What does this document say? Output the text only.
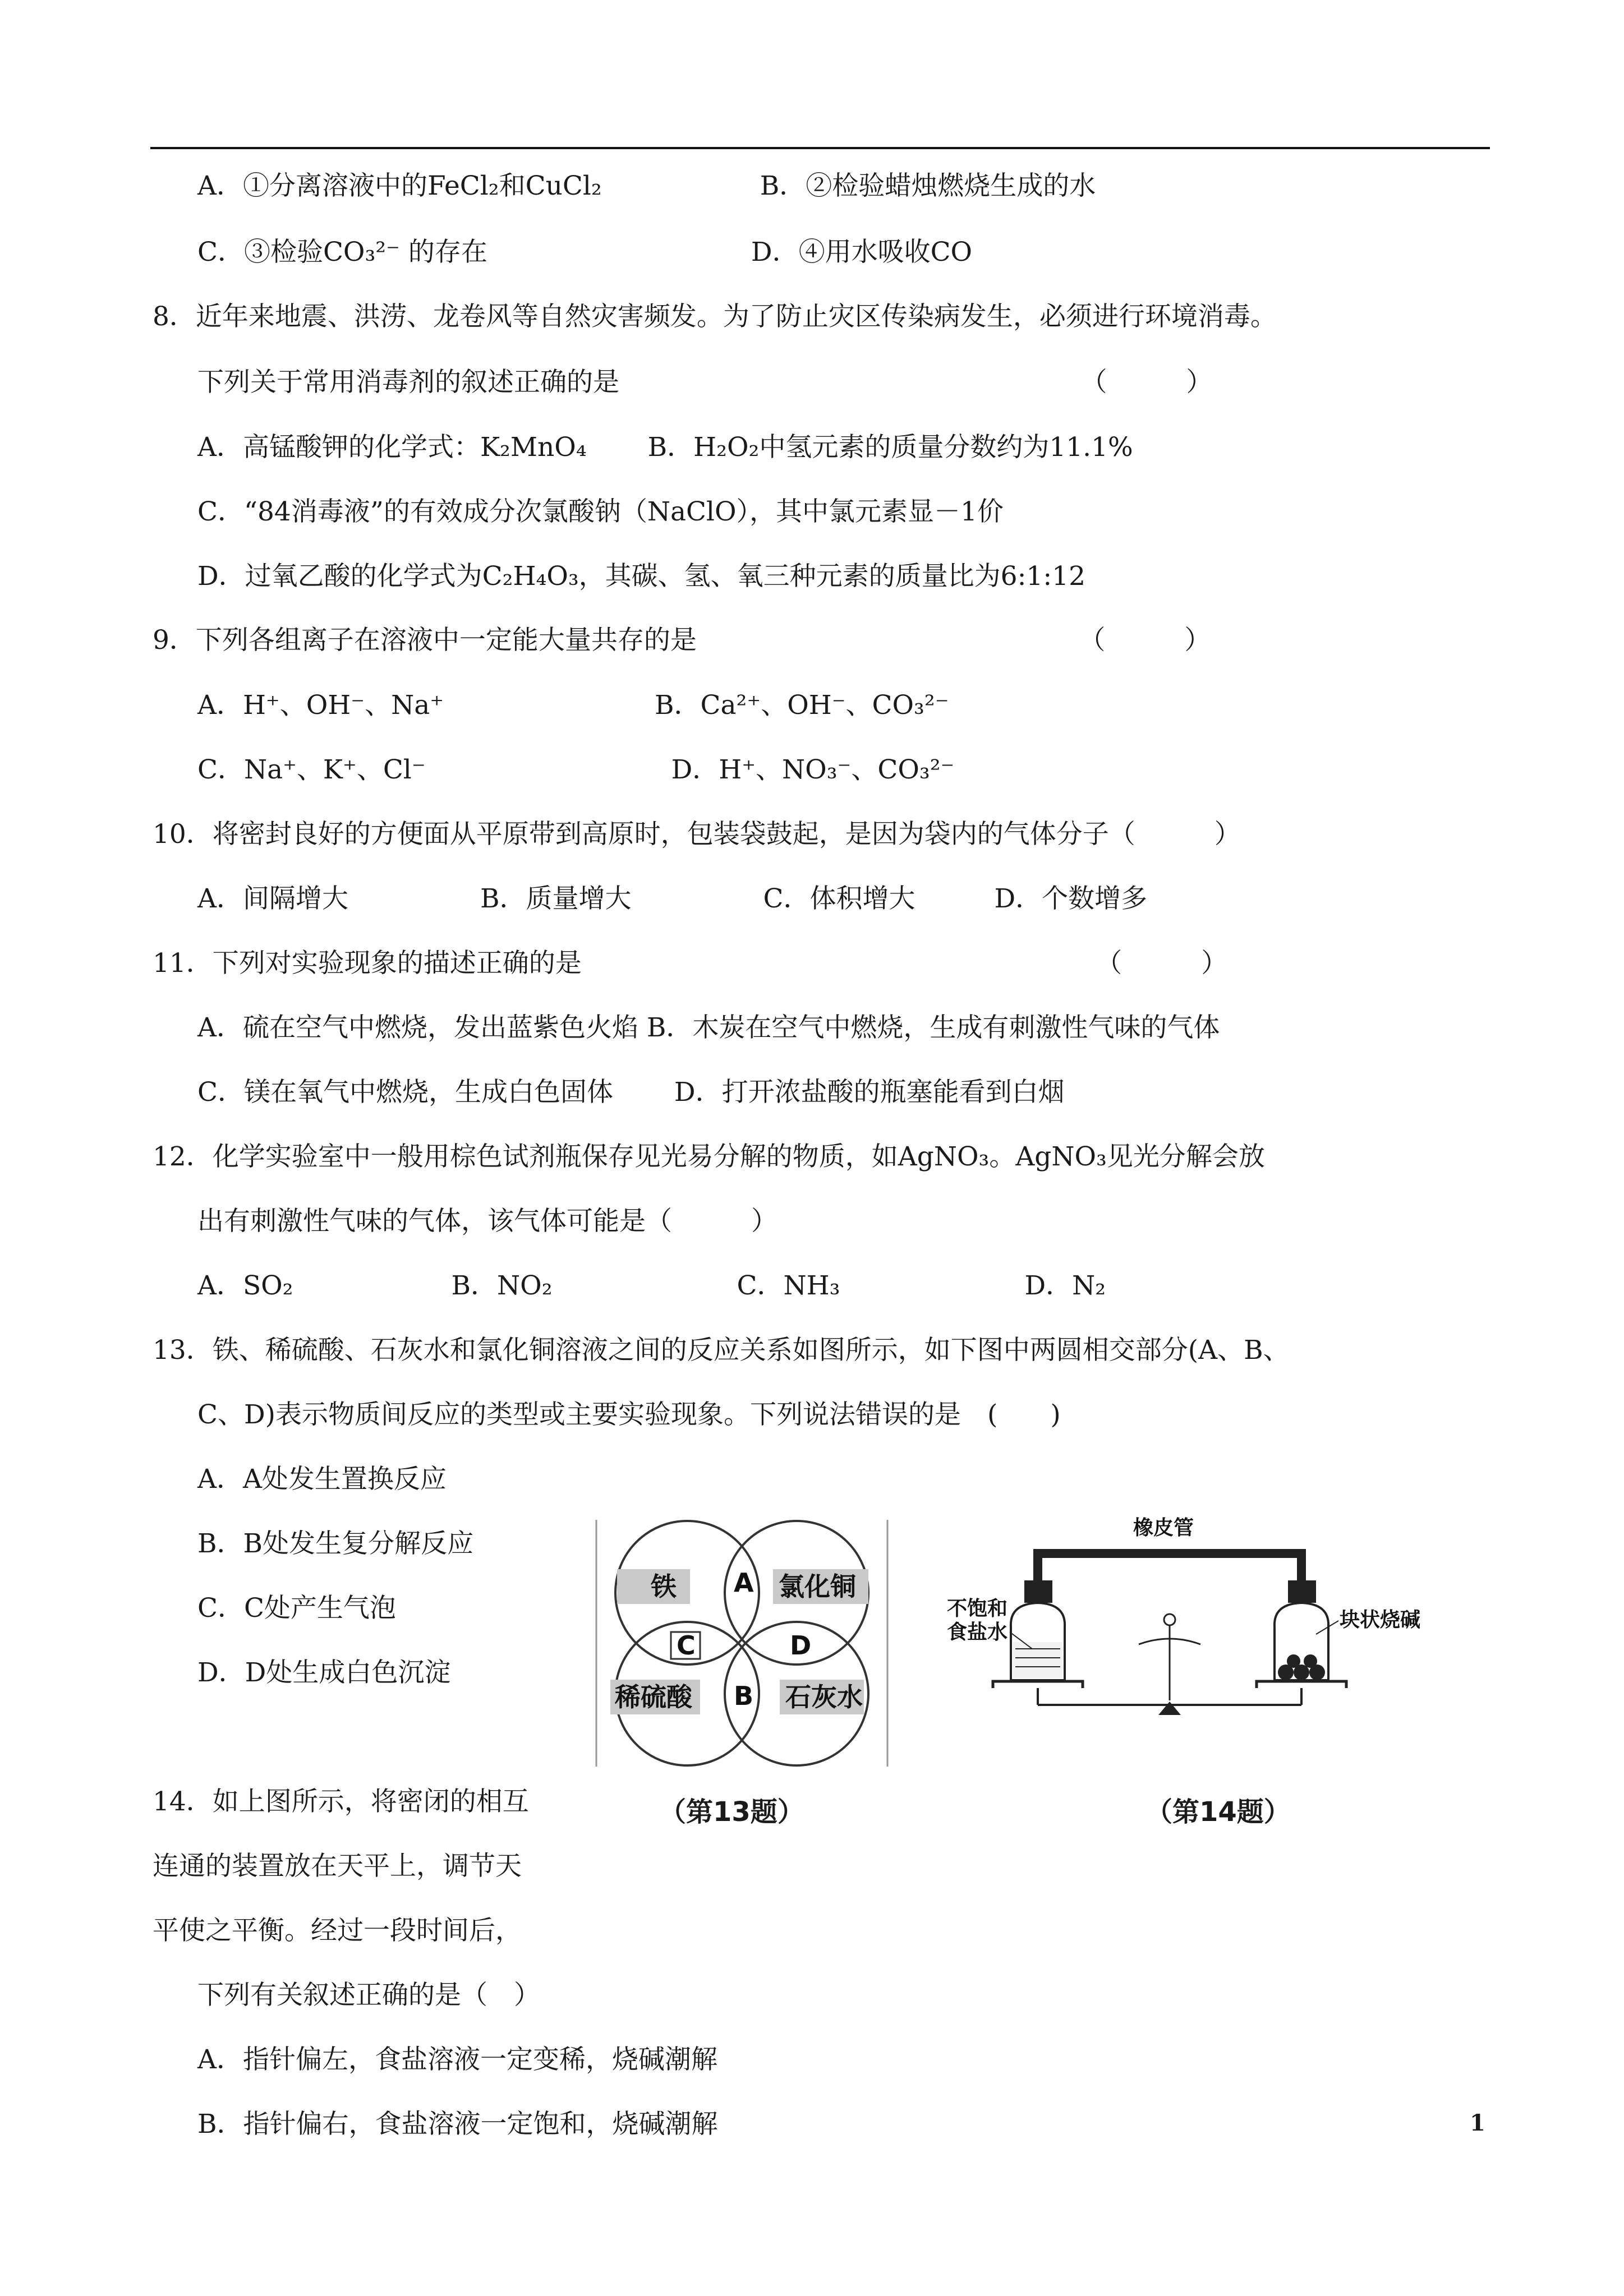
A．①分离溶液中的FeCl₂和CuCl₂　　　　　　B．②检验蜡烛燃烧生成的水
C．③检验CO₃²⁻ 的存在　　　　　　　　　　D．④用水吸收CO
8．近年来地震、洪涝、龙卷风等自然灾害频发。为了防止灾区传染病发生，必须进行环境消毒。
下列关于常用消毒剂的叙述正确的是　　　　　　　　　　　　　　　　　　（　　　）
A．高锰酸钾的化学式：K₂MnO₄　　 B．H₂O₂中氢元素的质量分数约为11.1%
C．“84消毒液”的有效成分次氯酸钠（NaClO），其中氯元素显－1价
D．过氧乙酸的化学式为C₂H₄O₃，其碳、氢、氧三种元素的质量比为6:1:12
9．下列各组离子在溶液中一定能大量共存的是　　　　　　　　　　　　　　　（　　　）
A．H⁺、OH⁻、Na⁺　　　　　　　　B．Ca²⁺、OH⁻、CO₃²⁻
C．Na⁺、K⁺、Cl⁻　　　　　　　　　 D．H⁺、NO₃⁻、CO₃²⁻
10．将密封良好的方便面从平原带到高原时，包装袋鼓起，是因为袋内的气体分子（　　　）
A．间隔增大　　　　　B．质量增大　　　　　C．体积增大　　　D．个数增多
11．下列对实验现象的描述正确的是　　　　　　　　　　　　　　　　　　　　（　　　）
A．硫在空气中燃烧，发出蓝紫色火焰 B．木炭在空气中燃烧，生成有刺激性气味的气体
C．镁在氧气中燃烧，生成白色固体　　 D．打开浓盐酸的瓶塞能看到白烟
12．化学实验室中一般用棕色试剂瓶保存见光易分解的物质，如AgNO₃。AgNO₃见光分解会放
出有刺激性气味的气体，该气体可能是（　　　）
A．SO₂　　　　　　B．NO₂　　　　　　　C．NH₃　　　　　　　D．N₂
13．铁、稀硫酸、石灰水和氯化铜溶液之间的反应关系如图所示，如下图中两圆相交部分(A、B、
C、D)表示物质间反应的类型或主要实验现象。下列说法错误的是　(　　)
A．A处发生置换反应
B．B处发生复分解反应
C．C处产生气泡
D．D处生成白色沉淀
14．如上图所示，将密闭的相互
连通的装置放在天平上，调节天
平使之平衡。经过一段时间后，
下列有关叙述正确的是（　）
A．指针偏左，食盐溶液一定变稀，烧碱潮解
B．指针偏右，食盐溶液一定饱和，烧碱潮解
铁	氯化铜
稀硫酸	石灰水
A
C	D
B
（第13题）
橡皮管
不饱和
食盐水
块状烧碱
（第14题）
1
